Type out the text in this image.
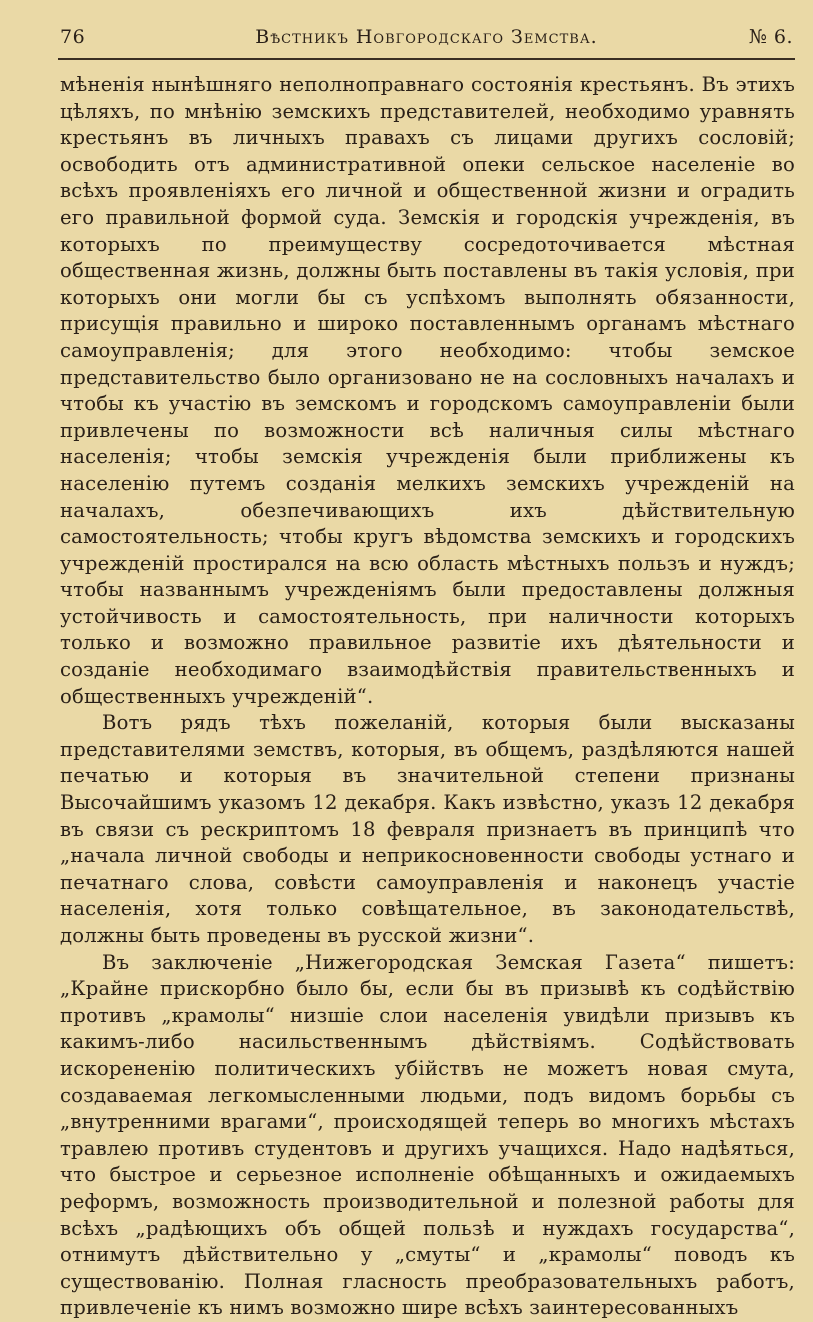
76	Вѣстникъ Новгородскаго Земства.	№ 6.

мѣненія нынѣшняго неполноправнаго состоянія крестьянъ. Въ этихъ цѣляхъ, по мнѣнію земскихъ представителей, необходимо уравнять крестьянъ въ личныхъ правахъ съ лицами другихъ сословій; освободить отъ административной опеки сельское населеніе во всѣхъ проявленіяхъ его личной и общественной жизни и оградить его правильной формой суда. Земскія и городскія учрежденія, въ которыхъ по преимуществу сосредоточивается мѣстная общественная жизнь, должны быть поставлены въ такія условія, при которыхъ они могли бы съ успѣхомъ выполнять обязанности, присущія правильно и широко поставленнымъ органамъ мѣстнаго самоуправленія; для этого необходимо: чтобы земское представительство было организовано не на сословныхъ началахъ и чтобы къ участію въ земскомъ и городскомъ самоуправленіи были привлечены по возможности всѣ наличныя силы мѣстнаго населенія; чтобы земскія учрежденія были приближены къ населенію путемъ созданія мелкихъ земскихъ учрежденій на началахъ, обезпечивающихъ ихъ дѣйствительную самостоятельность; чтобы кругъ вѣдомства земскихъ и городскихъ учрежденій простирался на всю область мѣстныхъ пользъ и нуждъ; чтобы названнымъ учрежденіямъ были предоставлены должныя устойчивость и самостоятельность, при наличности которыхъ только и возможно правильное развитіе ихъ дѣятельности и созданіе необходимаго взаимодѣйствія правительственныхъ и общественныхъ учрежденій“.

Вотъ рядъ тѣхъ пожеланій, которыя были высказаны представителями земствъ, которыя, въ общемъ, раздѣляются нашей печатью и которыя въ значительной степени признаны Высочайшимъ указомъ 12 декабря. Какъ извѣстно, указъ 12 декабря въ связи съ рескриптомъ 18 февраля признаетъ въ принципѣ что „начала личной свободы и неприкосновенности свободы устнаго и печатнаго слова, совѣсти самоуправленія и наконецъ участіе населенія, хотя только совѣщательное, въ законодательствѣ, должны быть проведены въ русской жизни“.

Въ заключеніе „Нижегородская Земская Газета“ пишетъ: „Крайне прискорбно было бы, если бы въ призывѣ къ содѣйствію противъ „крамолы“ низшіе слои населенія увидѣли призывъ къ какимъ-либо насильственнымъ дѣйствіямъ. Содѣйствовать искорененію политическихъ убійствъ не можетъ новая смута, создаваемая легкомысленными людьми, подъ видомъ борьбы съ „внутренними врагами“, происходящей теперь во многихъ мѣстахъ травлею противъ студентовъ и другихъ учащихся. Надо надѣяться, что быстрое и серьезное исполненіе обѣщанныхъ и ожидаемыхъ реформъ, возможность производительной и полезной работы для всѣхъ „радѣющихъ объ общей пользѣ и нуждахъ государства“, отнимутъ дѣйствительно у „смуты“ и „крамолы“ поводъ къ существованію. Полная гласность преобразовательныхъ работъ, привлеченіе къ нимъ возможно шире всѣхъ заинтересованныхъ
